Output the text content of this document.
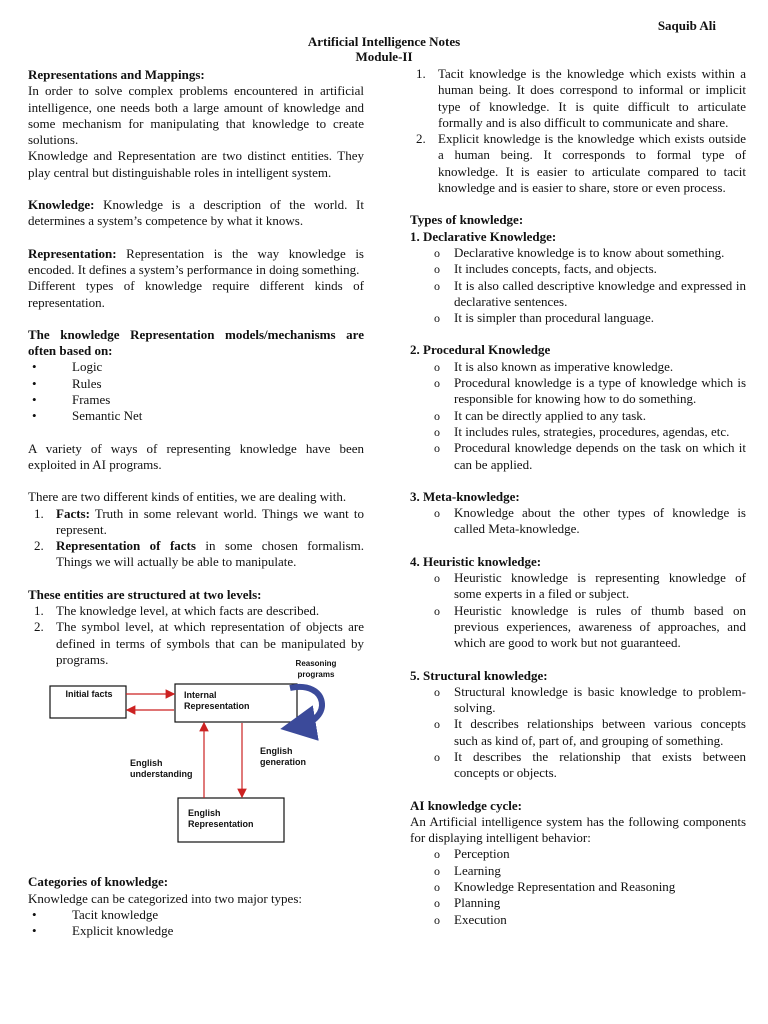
Saquib Ali
Artificial Intelligence Notes
Module-II
Representations and Mappings:

In order to solve complex problems encountered in artificial intelligence, one needs both a large amount of knowledge and some mechanism for manipulating that knowledge to create solutions.

Knowledge and Representation are two distinct entities. They play central but distinguishable roles in intelligent system.

Knowledge: Knowledge is a description of the world. It determines a system’s competence by what it knows.

Representation: Representation is the way knowledge is encoded. It defines a system’s performance in doing something.

Different types of knowledge require different kinds of representation.

The knowledge Representation models/mechanisms are often based on:
• Logic
• Rules
• Frames
• Semantic Net

A variety of ways of representing knowledge have been exploited in AI programs.

There are two different kinds of entities, we are dealing with.

1. Facts: Truth in some relevant world. Things we want to represent.
2. Representation of facts in some chosen formalism. Things we will actually be able to manipulate.
These entities are structured at two levels:
1. The knowledge level, at which facts are described.
2. The symbol level, at which representation of objects are defined in terms of symbols that can be manipulated by programs.
Initial facts	Internal Representation
Reasoning programs
English understanding
English generation
English Representation
Categories of knowledge:

Knowledge can be categorized into two major types:

• Tacit knowledge
• Explicit knowledge
1. Tacit knowledge is the knowledge which exists within a human being. It does correspond to informal or implicit type of knowledge. It is quite difficult to articulate formally and is also difficult to communicate and share.
2. Explicit knowledge is the knowledge which exists outside a human being. It corresponds to formal type of knowledge. It is easier to articulate compared to tacit knowledge and is easier to share, store or even process.
Types of knowledge:
1. Declarative Knowledge:
o Declarative knowledge is to know about something.
o It includes concepts, facts, and objects.
o It is also called descriptive knowledge and expressed in declarative sentences.
o It is simpler than procedural language.
2. Procedural Knowledge
o It is also known as imperative knowledge.
o Procedural knowledge is a type of knowledge which is responsible for knowing how to do something.
o It can be directly applied to any task.
o It includes rules, strategies, procedures, agendas, etc.
o Procedural knowledge depends on the task on which it can be applied.
3. Meta-knowledge:
o Knowledge about the other types of knowledge is called Meta-knowledge.
4. Heuristic knowledge:
o Heuristic knowledge is representing knowledge of some experts in a filed or subject.
o Heuristic knowledge is rules of thumb based on previous experiences, awareness of approaches, and which are good to work but not guaranteed.
5. Structural knowledge:
o Structural knowledge is basic knowledge to problem-solving.
o It describes relationships between various concepts such as kind of, part of, and grouping of something.
o It describes the relationship that exists between concepts or objects.
AI knowledge cycle:

An Artificial intelligence system has the following components for displaying intelligent behavior:

o Perception
o Learning
o Knowledge Representation and Reasoning
o Planning
o Execution
